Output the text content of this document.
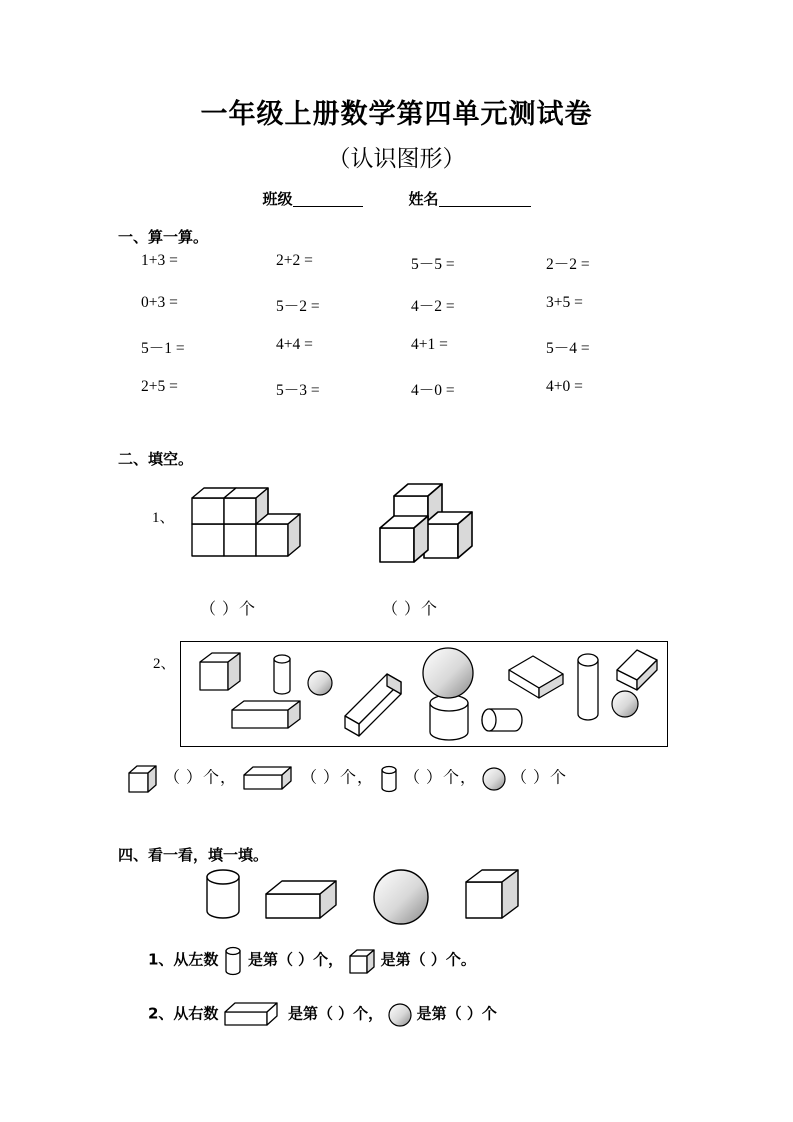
一年级上册数学第四单元测试卷
（认识图形）
班级	姓名
一、算一算。
1+3 =	2+2 =	5－5 =	2－2 =
0+3 =	5－2 =	4－2 =	3+5 =
5－1 =	4+4 =	4+1 =	5－4 =
2+5 =	5－3 =	4－0 =	4+0 =
二、填空。
1、
（ ）个	（ ）个
2、
（ ）个，	（ ）个， （ ）个， （ ）个
四、看一看，填一填。
1、从左数 是第（ ）个，	是第（ ）个。
2、从右数	是第（ ）个， 是第（ ）个
